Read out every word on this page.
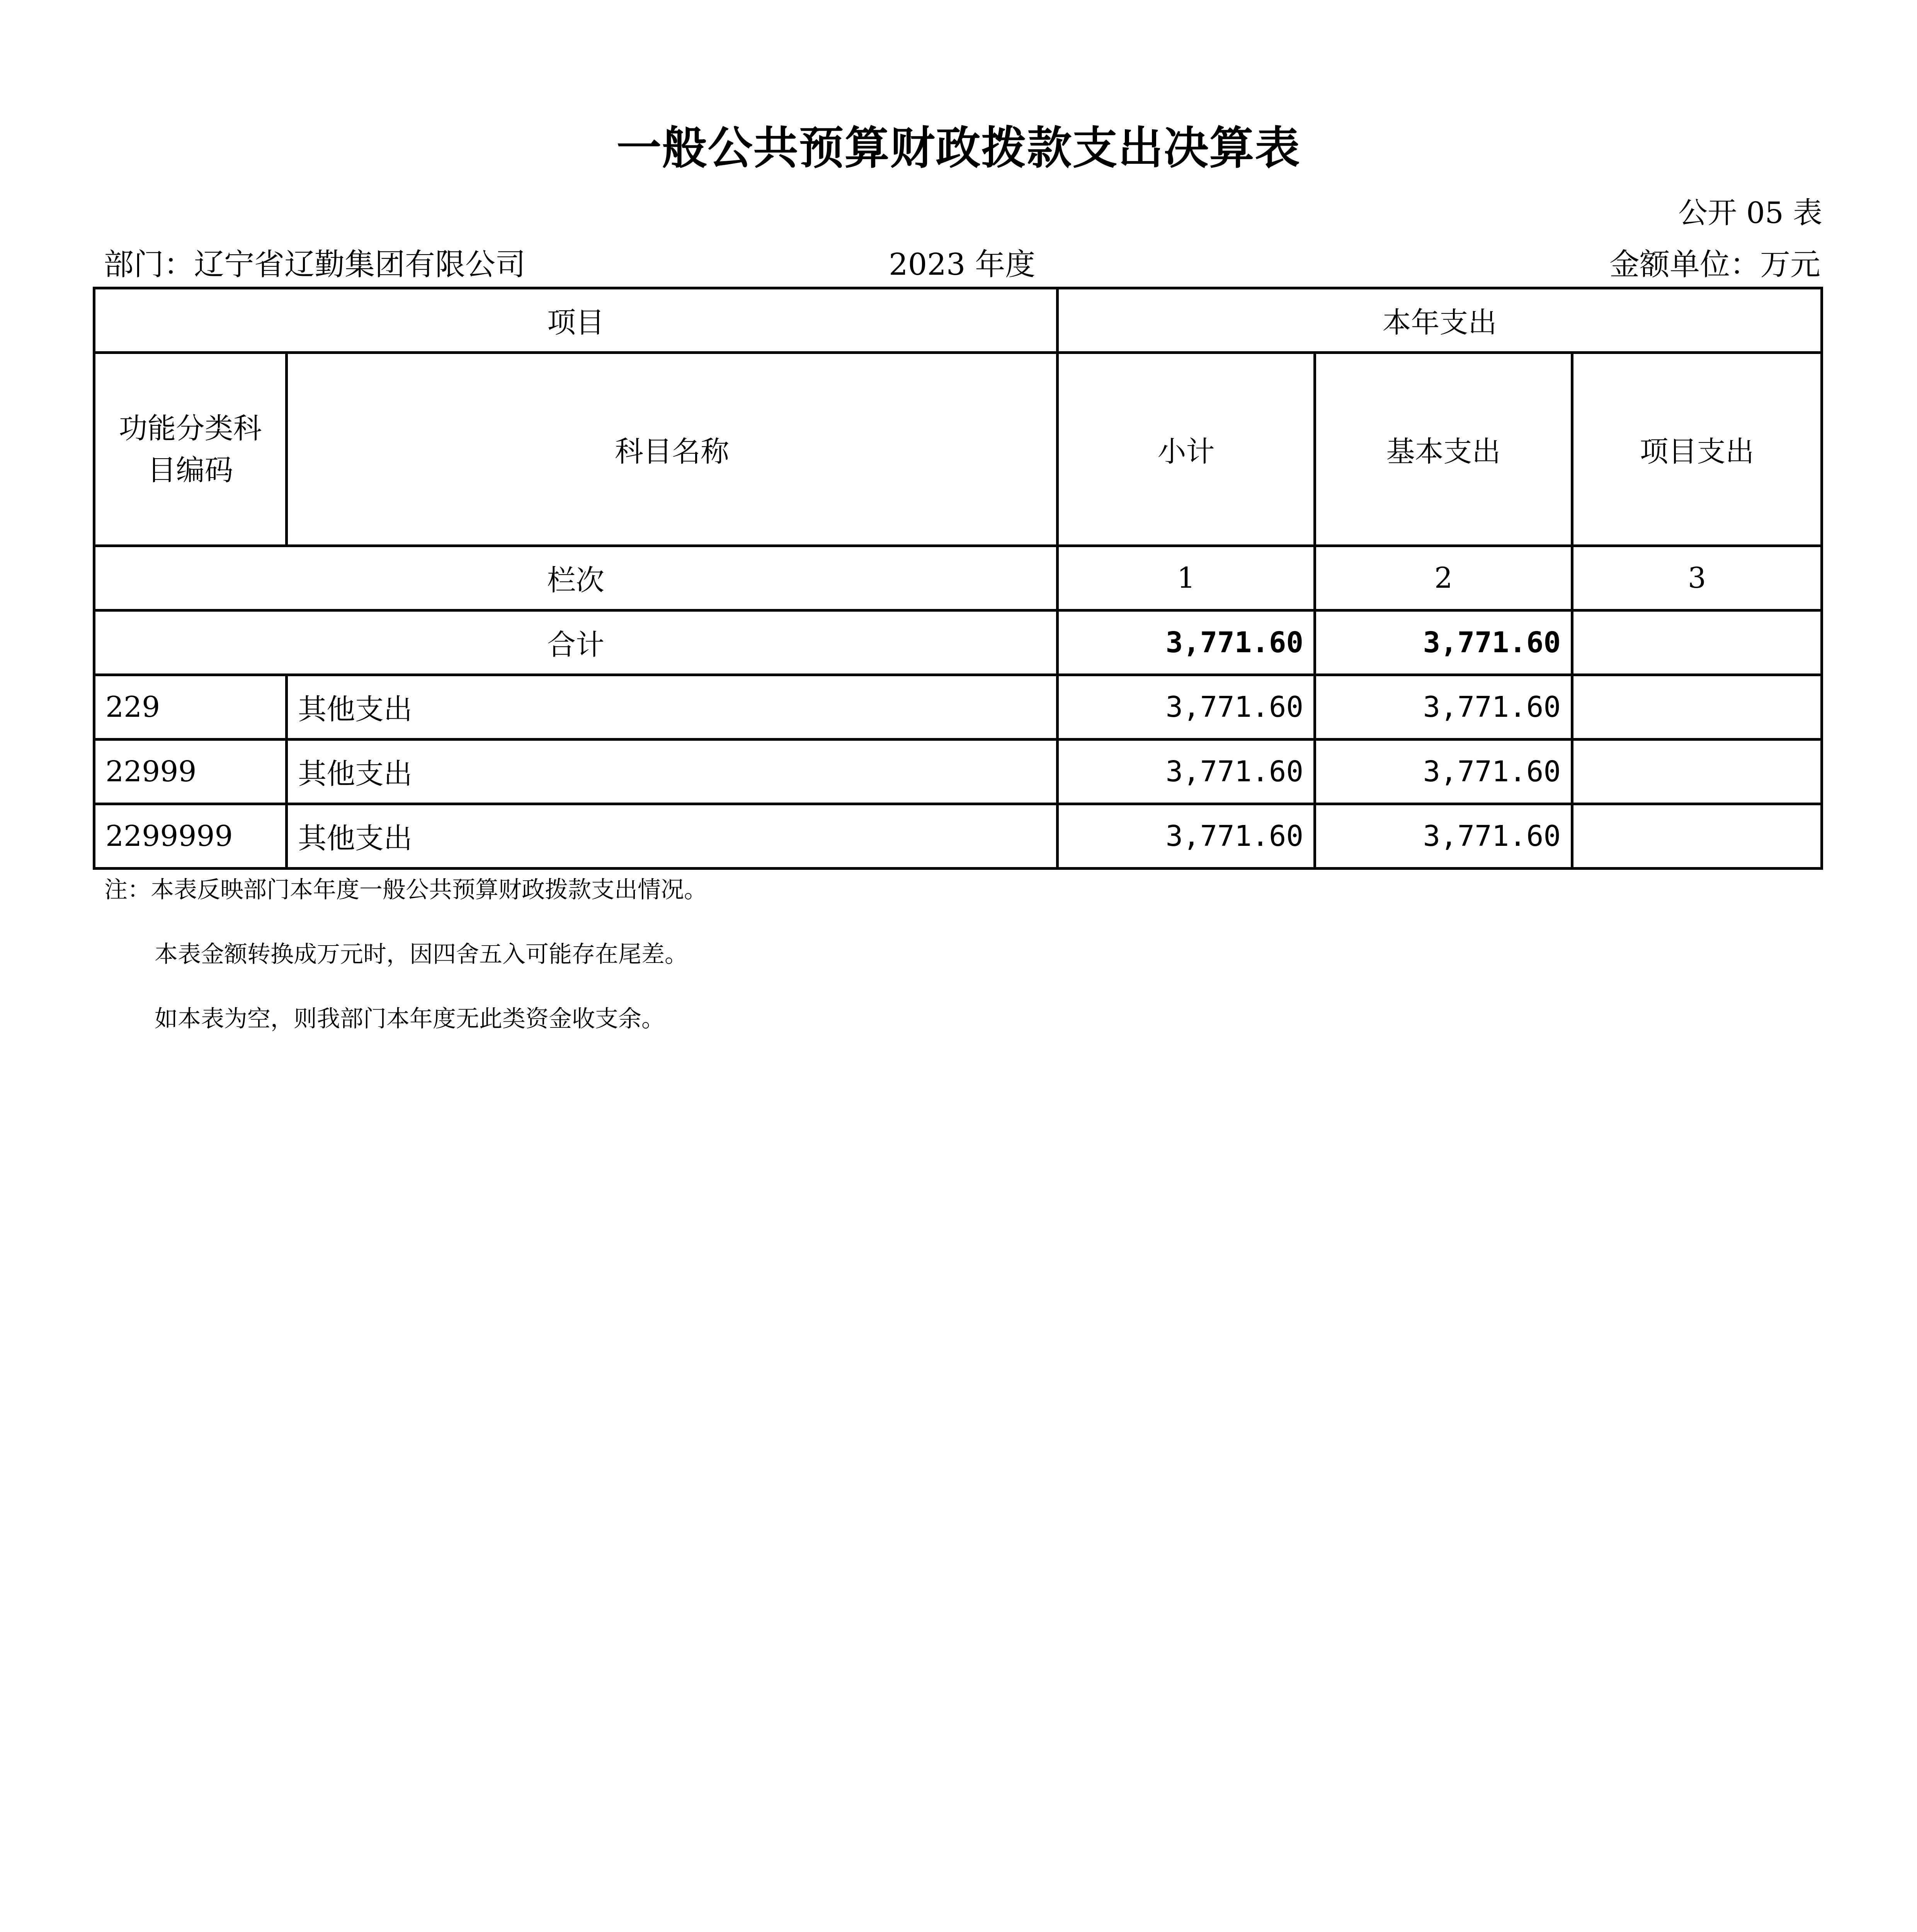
一般公共预算财政拨款支出决算表
公开 05 表
部门：辽宁省辽勤集团有限公司	2023 年度	金额单位：万元
项目		本年支出		
功能分类科目编码	科目名称	小计	基本支出	项目支出
栏次		1	2	3
合计		3,771.60	3,771.60	
229	其他支出	3,771.60	3,771.60	
22999	其他支出	3,771.60	3,771.60	
2299999	其他支出	3,771.60	3,771.60	
注：本表反映部门本年度一般公共预算财政拨款支出情况。
本表金额转换成万元时，因四舍五入可能存在尾差。
如本表为空，则我部门本年度无此类资金收支余。
